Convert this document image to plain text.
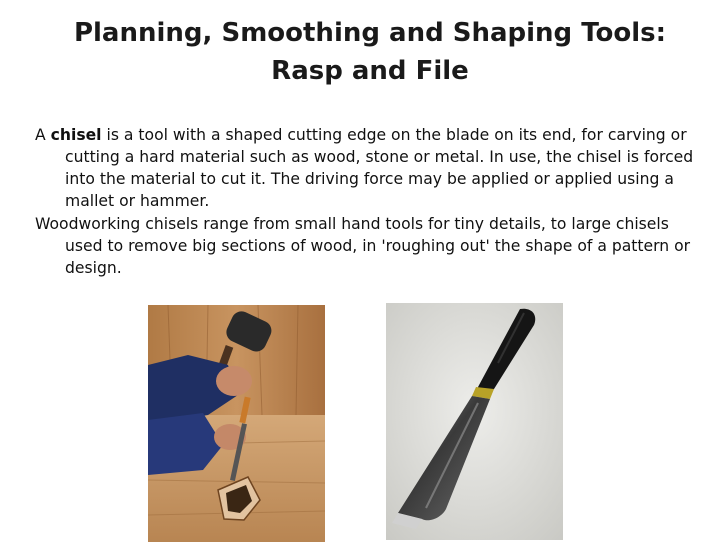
Planning, Smoothing and Shaping Tools:
Rasp and File

A chisel is a tool with a shaped cutting edge on the blade on its end, for carving or cutting a hard material such as wood, stone or metal. In use, the chisel is forced into the material to cut it. The driving force may be applied or applied using a mallet or hammer.

Woodworking chisels range from small hand tools for tiny details, to large chisels used to remove big sections of wood, in 'roughing out' the shape of a pattern or design.
